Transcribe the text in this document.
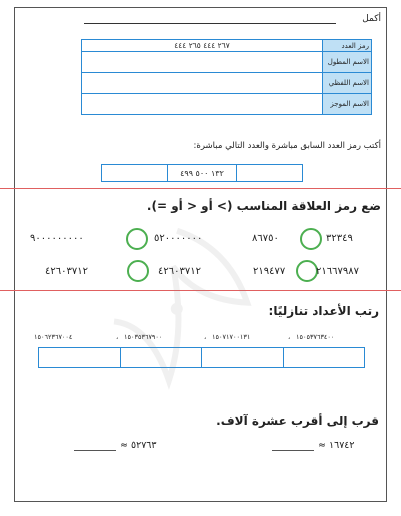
أكمل
٢٦٧ ٤٤٤ ٢٦٥ ٤٤٤	رمز العدد
	الاسم المطول
	الاسم اللفظي
	الاسم الموجز
أكتب رمز العدد السابق مباشرة والعدد التالي مباشرة:
	١٣٢ ٥٠٠ ٤٩٩	
ضع رمز العلاقة المناسب (> أو < أو =).
٩٠٠٠٠٠٠٠٠٠	٥٢٠٠٠٠٠٠٠	٨٦٧٥٠	٣٢٣٤٩
٤٢٦٠٣٧١٢	٤٢٦٠٣٧١٢	٢١٩٤٧٧	٢١٦٦٧٩٨٧
رتب الأعداد تنازليًا:
١٥٠٦٢٣٦٧٠٠٤	، ١٥٠٣٥٣٦٧٩٠٠	، ١٥٠٧١٧٠٠١٣١	، ١٥٠٥٣٧٦٣٤٠٠

قرب إلى أقرب عشرة آلاف.
≈ ٥٢٧٦٣	≈ ١٦٧٤٢
